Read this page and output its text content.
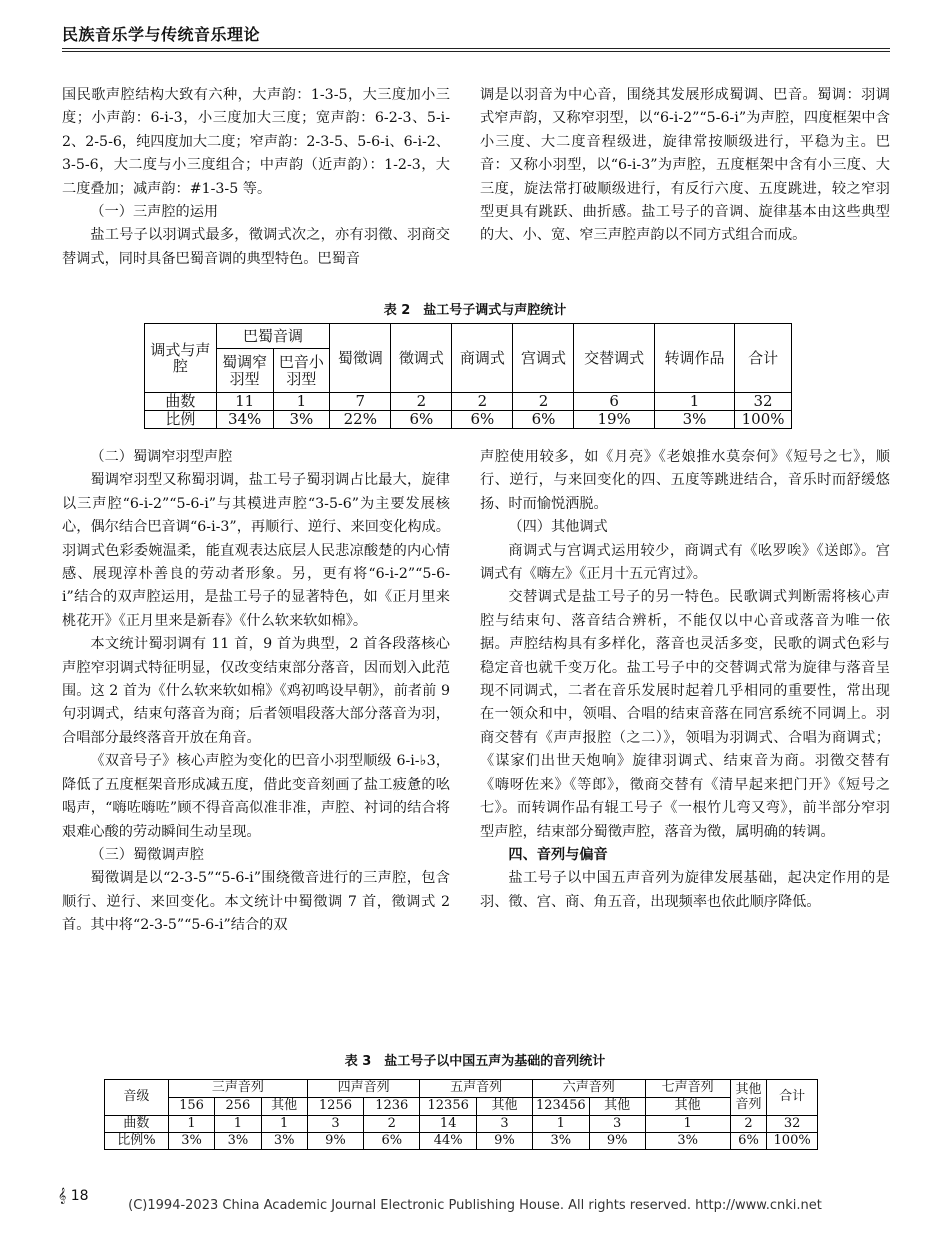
民族音乐学与传统音乐理论

国民歌声腔结构大致有六种，大声韵：1-3-5，大三度加小三度；小声韵：6-i-3，小三度加大三度；宽声韵：6-2-3、5-i-2、2-5-6，纯四度加大二度；窄声韵：2-3-5、5-6-i、6-i-2、3-5-6，大二度与小三度组合；中声韵（近声韵）：1-2-3，大二度叠加；减声韵：#1-3-5 等。

（一）三声腔的运用

盐工号子以羽调式最多，徵调式次之，亦有羽徵、羽商交替调式，同时具备巴蜀音调的典型特色。巴蜀音

调是以羽音为中心音，围绕其发展形成蜀调、巴音。蜀调：羽调式窄声韵，又称窄羽型，以“6-i-2”“5-6-i”为声腔，四度框架中含小三度、大二度音程级进，旋律常按顺级进行，平稳为主。巴音：又称小羽型，以“6-i-3”为声腔，五度框架中含有小三度、大三度，旋法常打破顺级进行，有反行六度、五度跳进，较之窄羽型更具有跳跃、曲折感。盐工号子的音调、旋律基本由这些典型的大、小、宽、窄三声腔声韵以不同方式组合而成。

表 2　盐工号子调式与声腔统计
调式与声腔	巴蜀音调		蜀徵调	徵调式	商调式	宫调式	交替调式	转调作品	合计
	蜀调窄羽型	巴音小羽型							
曲数	11	1	7	2	2	2	6	1	32
比例	34%	3%	22%	6%	6%	6%	19%	3%	100%

（二）蜀调窄羽型声腔

蜀调窄羽型又称蜀羽调，盐工号子蜀羽调占比最大，旋律以三声腔“6-i-2”“5-6-i”与其模进声腔“3-5-6”为主要发展核心，偶尔结合巴音调“6-i-3”，再顺行、逆行、来回变化构成。羽调式色彩委婉温柔，能直观表达底层人民悲凉酸楚的内心情感、展现淳朴善良的劳动者形象。另，更有将“6-i-2”“5-6-i”结合的双声腔运用，是盐工号子的显著特色，如《正月里来桃花开》《正月里来是新春》《什么软来软如棉》。

本文统计蜀羽调有 11 首，9 首为典型，2 首各段落核心声腔窄羽调式特征明显，仅改变结束部分落音，因而划入此范围。这 2 首为《什么软来软如棉》《鸡初鸣设早朝》，前者前 9 句羽调式，结束句落音为商；后者领唱段落大部分落音为羽，合唱部分最终落音开放在角音。

《双音号子》核心声腔为变化的巴音小羽型顺级 6-i-♭3，降低了五度框架音形成减五度，借此变音刻画了盐工疲惫的吆喝声，“嗨咗嗨咗”顾不得音高似准非准，声腔、衬词的结合将艰难心酸的劳动瞬间生动呈现。

（三）蜀徵调声腔

蜀徵调是以“2-3-5”“5-6-i”围绕徵音进行的三声腔，包含顺行、逆行、来回变化。本文统计中蜀徵调 7 首，徵调式 2 首。其中将“2-3-5”“5-6-i”结合的双

声腔使用较多，如《月亮》《老娘推水莫奈何》《短号之七》，顺行、逆行，与来回变化的四、五度等跳进结合，音乐时而舒缓悠扬、时而愉悦洒脱。

（四）其他调式

商调式与宫调式运用较少，商调式有《吆罗唉》《送郎》。宫调式有《嗨左》《正月十五元宵过》。

交替调式是盐工号子的另一特色。民歌调式判断需将核心声腔与结束句、落音结合辨析，不能仅以中心音或落音为唯一依据。声腔结构具有多样化，落音也灵活多变，民歌的调式色彩与稳定音也就千变万化。盐工号子中的交替调式常为旋律与落音呈现不同调式，二者在音乐发展时起着几乎相同的重要性，常出现在一领众和中，领唱、合唱的结束音落在同宫系统不同调上。羽商交替有《声声报腔（之二）》，领唱为羽调式、合唱为商调式；《谋家们出世天炮响》旋律羽调式、结束音为商。羽徵交替有《嗨呀佐来》《等郎》，徵商交替有《清早起来把门开》《短号之七》。而转调作品有辊工号子《一根竹儿弯又弯》，前半部分窄羽型声腔，结束部分蜀徵声腔，落音为徵，属明确的转调。

四、音列与偏音

盐工号子以中国五声音列为旋律发展基础，起决定作用的是羽、徵、宫、商、角五音，出现频率也依此顺序降低。

表 3　盐工号子以中国五声为基础的音列统计
音级	三声音列			四声音列		五声音列		六声音列		七声音列	其他音列	合计
	156	256	其他	1256	1236	12356	其他	123456	其他	其他		
曲数	1	1	1	3	2	14	3	1	3	1	2	32
比例%	3%	3%	3%	9%	6%	44%	9%	3%	9%	3%	6%	100%
𝄞 18
(C)1994-2023 China Academic Journal Electronic Publishing House. All rights reserved. http://www.cnki.net
